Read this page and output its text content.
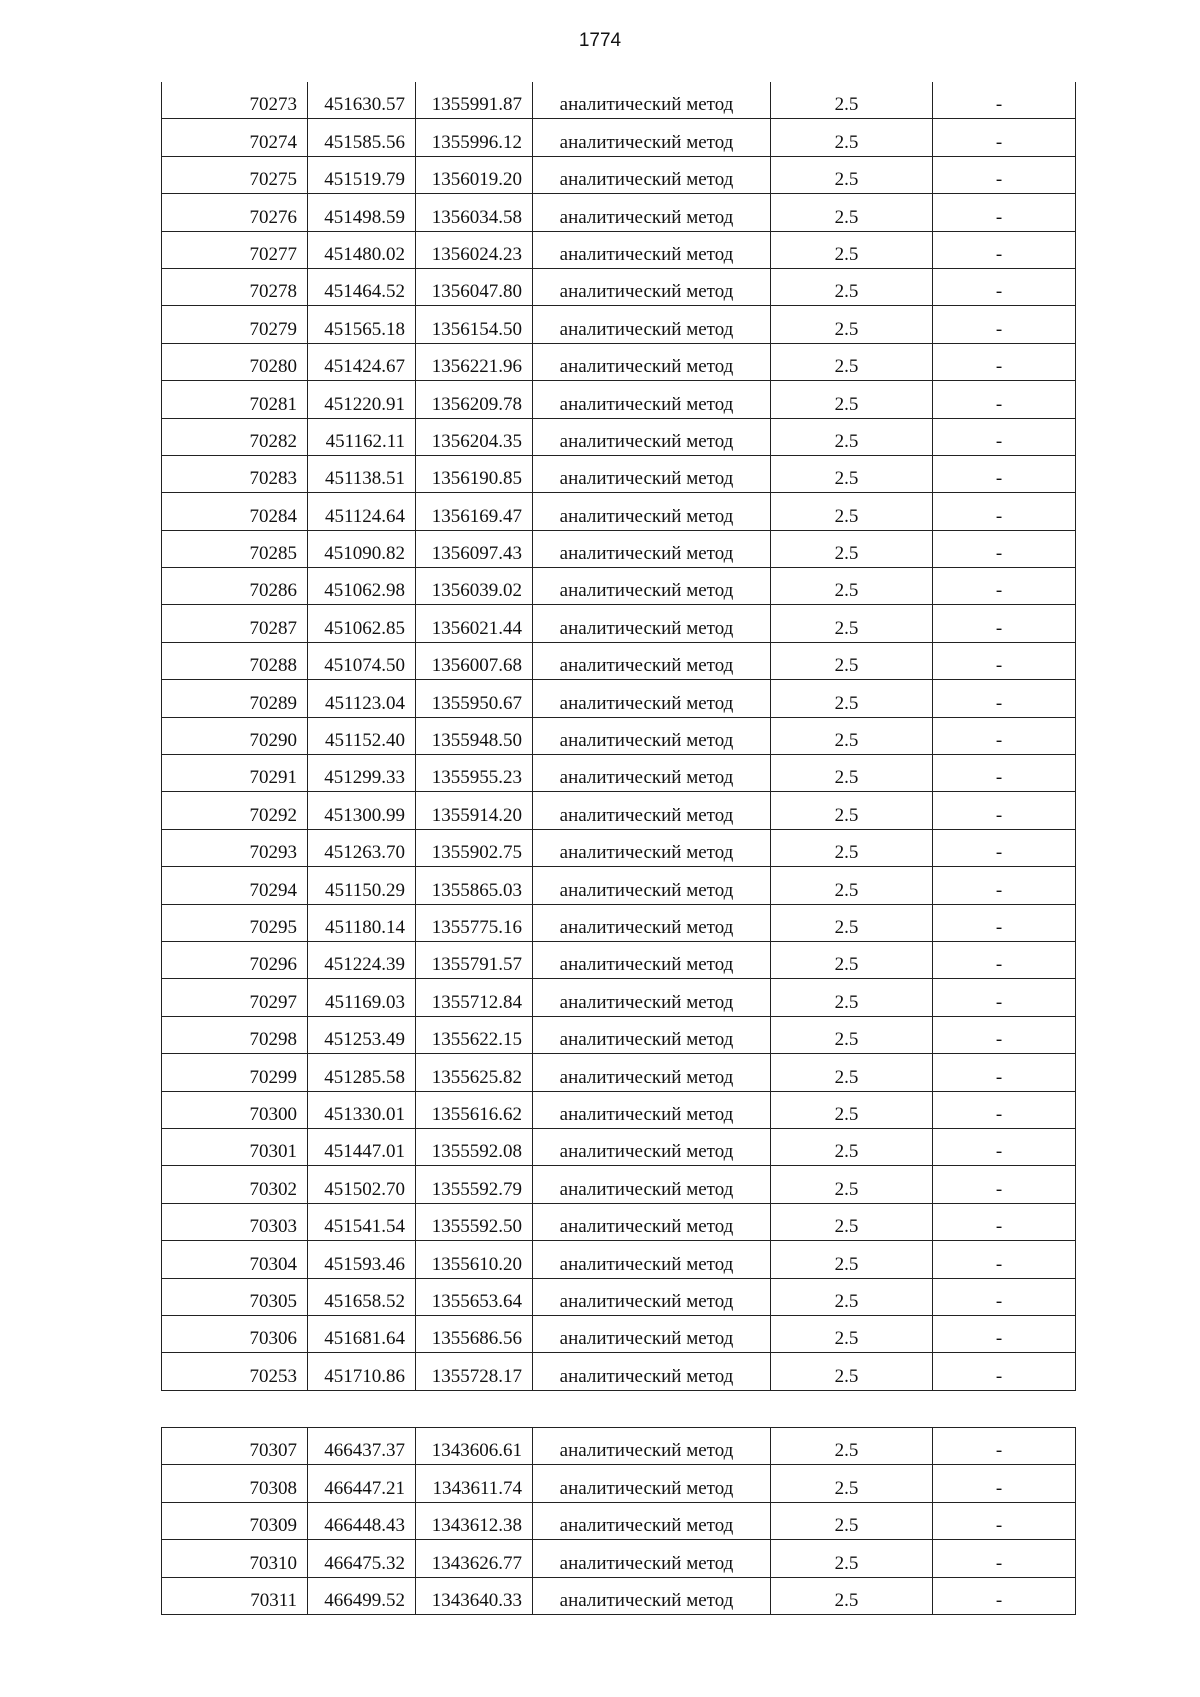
1774
70273	451630.57	1355991.87	аналитический метод	2.5	-
70274	451585.56	1355996.12	аналитический метод	2.5	-
70275	451519.79	1356019.20	аналитический метод	2.5	-
70276	451498.59	1356034.58	аналитический метод	2.5	-
70277	451480.02	1356024.23	аналитический метод	2.5	-
70278	451464.52	1356047.80	аналитический метод	2.5	-
70279	451565.18	1356154.50	аналитический метод	2.5	-
70280	451424.67	1356221.96	аналитический метод	2.5	-
70281	451220.91	1356209.78	аналитический метод	2.5	-
70282	451162.11	1356204.35	аналитический метод	2.5	-
70283	451138.51	1356190.85	аналитический метод	2.5	-
70284	451124.64	1356169.47	аналитический метод	2.5	-
70285	451090.82	1356097.43	аналитический метод	2.5	-
70286	451062.98	1356039.02	аналитический метод	2.5	-
70287	451062.85	1356021.44	аналитический метод	2.5	-
70288	451074.50	1356007.68	аналитический метод	2.5	-
70289	451123.04	1355950.67	аналитический метод	2.5	-
70290	451152.40	1355948.50	аналитический метод	2.5	-
70291	451299.33	1355955.23	аналитический метод	2.5	-
70292	451300.99	1355914.20	аналитический метод	2.5	-
70293	451263.70	1355902.75	аналитический метод	2.5	-
70294	451150.29	1355865.03	аналитический метод	2.5	-
70295	451180.14	1355775.16	аналитический метод	2.5	-
70296	451224.39	1355791.57	аналитический метод	2.5	-
70297	451169.03	1355712.84	аналитический метод	2.5	-
70298	451253.49	1355622.15	аналитический метод	2.5	-
70299	451285.58	1355625.82	аналитический метод	2.5	-
70300	451330.01	1355616.62	аналитический метод	2.5	-
70301	451447.01	1355592.08	аналитический метод	2.5	-
70302	451502.70	1355592.79	аналитический метод	2.5	-
70303	451541.54	1355592.50	аналитический метод	2.5	-
70304	451593.46	1355610.20	аналитический метод	2.5	-
70305	451658.52	1355653.64	аналитический метод	2.5	-
70306	451681.64	1355686.56	аналитический метод	2.5	-
70253	451710.86	1355728.17	аналитический метод	2.5	-
70307	466437.37	1343606.61	аналитический метод	2.5	-
70308	466447.21	1343611.74	аналитический метод	2.5	-
70309	466448.43	1343612.38	аналитический метод	2.5	-
70310	466475.32	1343626.77	аналитический метод	2.5	-
70311	466499.52	1343640.33	аналитический метод	2.5	-
